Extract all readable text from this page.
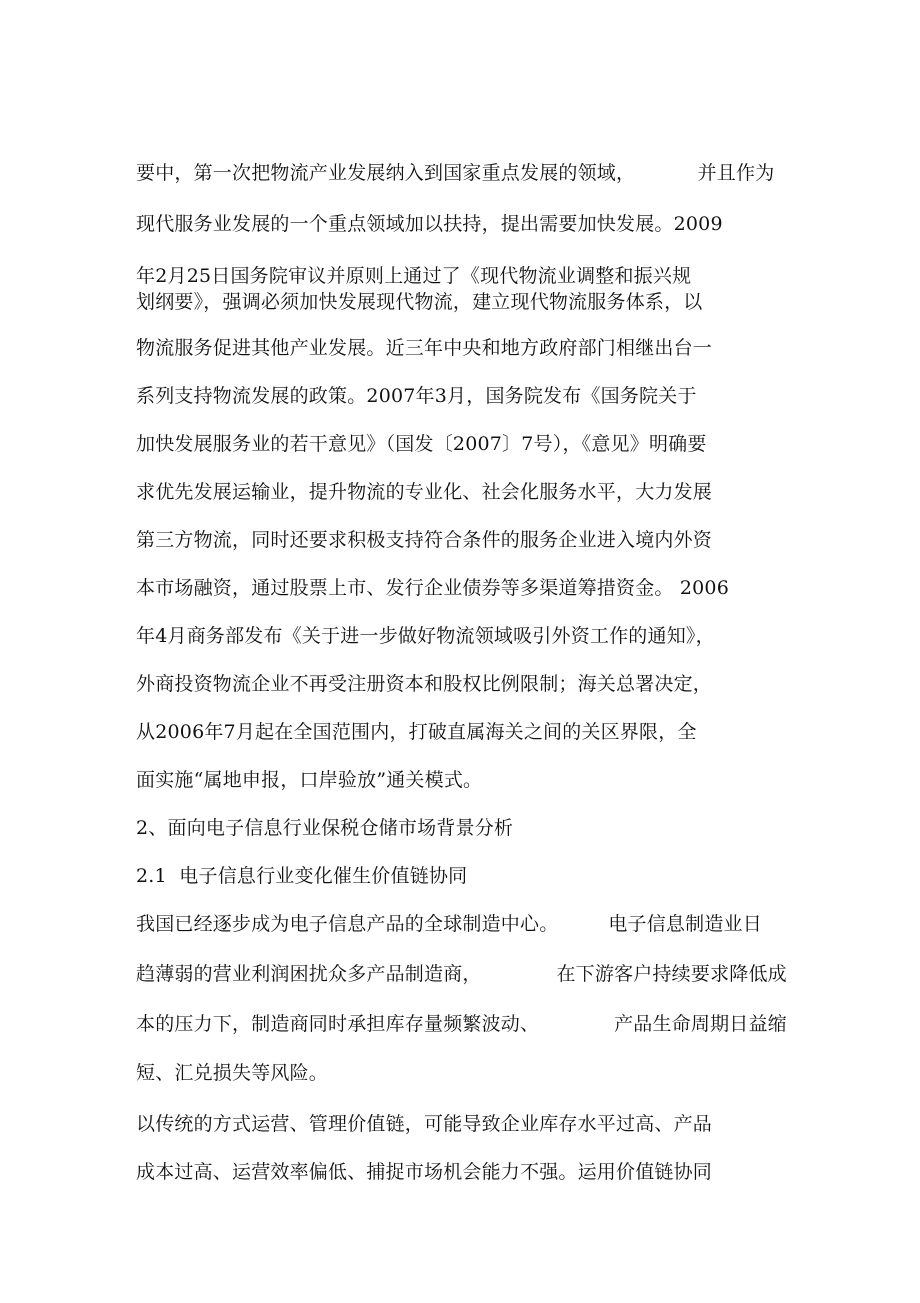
要中，第一次把物流产业发展纳入到国家重点发展的领域，          并且作为
现代服务业发展的一个重点领域加以扶持，提出需要加快发展。2009
年2月25日国务院审议并原则上通过了《现代物流业调整和振兴规
划纲要》，强调必须加快发展现代物流，建立现代物流服务体系，以
物流服务促进其他产业发展。近三年中央和地方政府部门相继出台一
系列支持物流发展的政策。2007年3月，国务院发布《国务院关于
加快发展服务业的若干意见》（国发〔2007〕7号），《意见》明确要
求优先发展运输业，提升物流的专业化、社会化服务水平，大力发展
第三方物流，同时还要求积极支持符合条件的服务企业进入境内外资
本市场融资，通过股票上市、发行企业债券等多渠道筹措资金。 2006
年4月商务部发布《关于进一步做好物流领域吸引外资工作的通知》，
外商投资物流企业不再受注册资本和股权比例限制；海关总署决定，
从2006年7月起在全国范围内，打破直属海关之间的关区界限，全
面实施“属地申报，口岸验放”通关模式。
2、面向电子信息行业保税仓储市场背景分析
2.1  电子信息行业变化催生价值链协同
我国已经逐步成为电子信息产品的全球制造中心。        电子信息制造业日
趋薄弱的营业利润困扰众多产品制造商，            在下游客户持续要求降低成
本的压力下，制造商同时承担库存量频繁波动、            产品生命周期日益缩
短、汇兑损失等风险。
以传统的方式运营、管理价值链，可能导致企业库存水平过高、产品
成本过高、运营效率偏低、捕捉市场机会能力不强。运用价值链协同
